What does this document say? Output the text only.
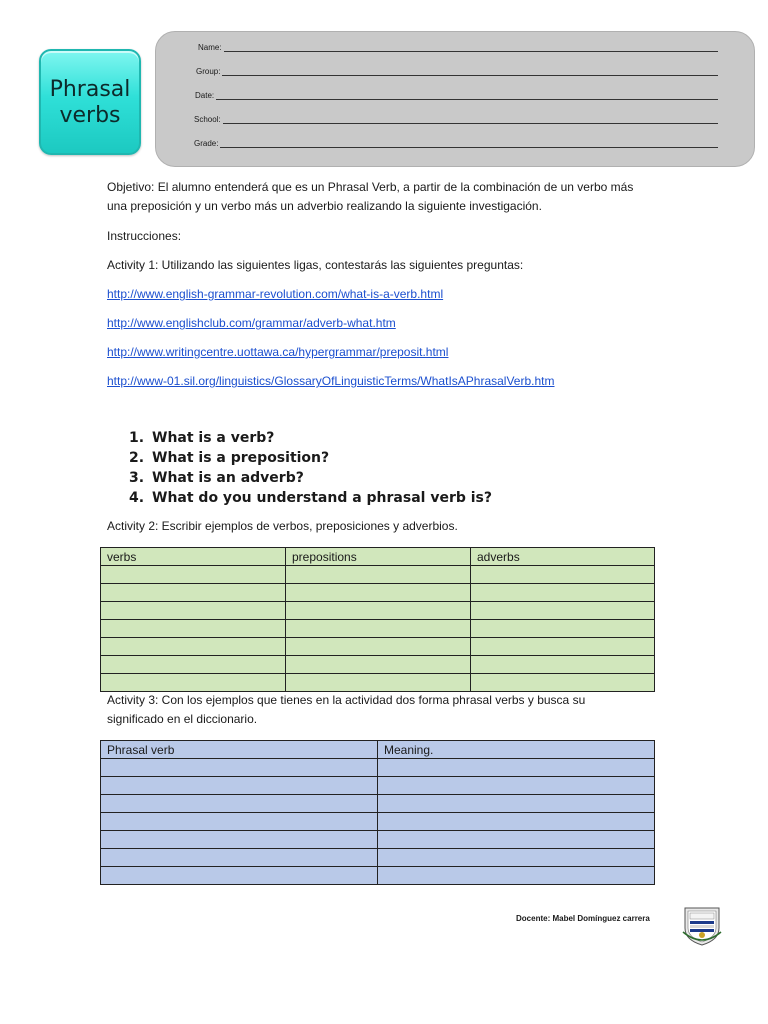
Phrasal
verbs
Name:
Group:
Date:
School:
Grade:
Objetivo: El alumno entenderá que es un Phrasal Verb, a partir de la combinación de un verbo más
una preposición y un verbo más un adverbio realizando la siguiente investigación.
Instrucciones:
Activity 1: Utilizando las siguientes ligas, contestarás las siguientes preguntas:
http://www.english-grammar-revolution.com/what-is-a-verb.html
http://www.englishclub.com/grammar/adverb-what.htm
http://www.writingcentre.uottawa.ca/hypergrammar/preposit.html
http://www-01.sil.org/linguistics/GlossaryOfLinguisticTerms/WhatIsAPhrasalVerb.htm
1. What is a verb?
2. What is a preposition?
3. What is an adverb?
4. What do you understand a phrasal verb is?
Activity 2: Escribir ejemplos de verbos, preposiciones y adverbios.
verbs	prepositions	adverbs

Activity 3: Con los ejemplos que tienes en la actividad dos forma phrasal verbs y busca su
significado en el diccionario.
Phrasal verb	Meaning.

Docente: Mabel Domínguez carrera
